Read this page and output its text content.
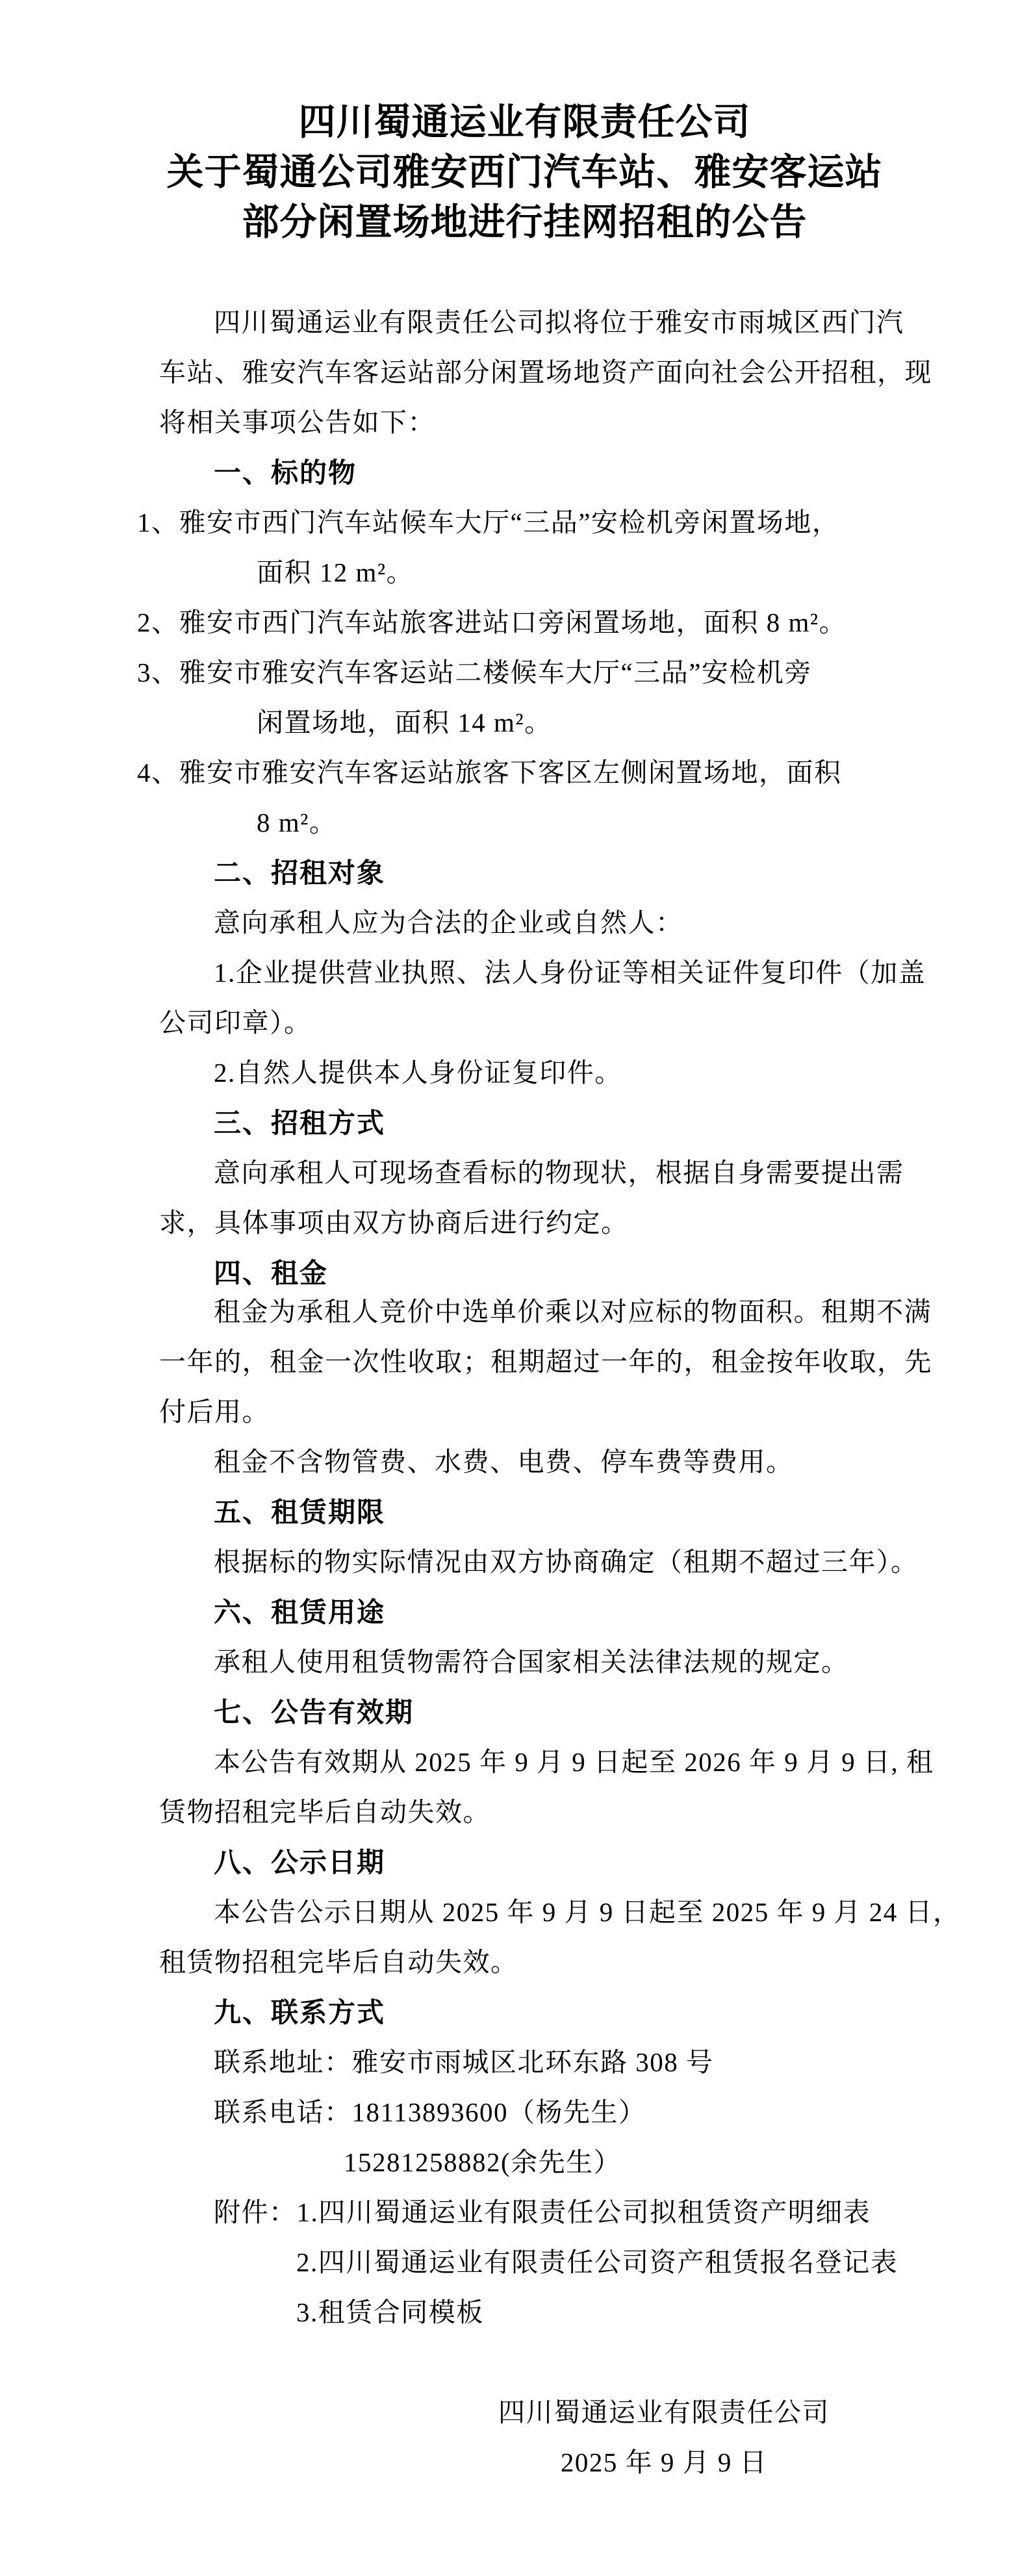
四川蜀通运业有限责任公司
关于蜀通公司雅安西门汽车站、雅安客运站
部分闲置场地进行挂网招租的公告
四川蜀通运业有限责任公司拟将位于雅安市雨城区西门汽
车站、雅安汽车客运站部分闲置场地资产面向社会公开招租，现
将相关事项公告如下：
一、标的物
1、雅安市西门汽车站候车大厅“三品”安检机旁闲置场地，
面积 12 m²。
2、雅安市西门汽车站旅客进站口旁闲置场地，面积 8 m²。
3、雅安市雅安汽车客运站二楼候车大厅“三品”安检机旁
闲置场地，面积 14 m²。
4、雅安市雅安汽车客运站旅客下客区左侧闲置场地，面积
8 m²。
二、招租对象
意向承租人应为合法的企业或自然人：
1.企业提供营业执照、法人身份证等相关证件复印件（加盖
公司印章）。
2.自然人提供本人身份证复印件。
三、招租方式
意向承租人可现场查看标的物现状，根据自身需要提出需
求，具体事项由双方协商后进行约定。
四、租金
租金为承租人竞价中选单价乘以对应标的物面积。租期不满
一年的，租金一次性收取；租期超过一年的，租金按年收取，先
付后用。
租金不含物管费、水费、电费、停车费等费用。
五、租赁期限
根据标的物实际情况由双方协商确定（租期不超过三年）。
六、租赁用途
承租人使用租赁物需符合国家相关法律法规的规定。
七、公告有效期
本公告有效期从 2025 年 9 月 9 日起至 2026 年 9 月 9 日, 租
赁物招租完毕后自动失效。
八、公示日期
本公告公示日期从 2025 年 9 月 9 日起至 2025 年 9 月 24 日，
租赁物招租完毕后自动失效。
九、联系方式
联系地址：雅安市雨城区北环东路 308 号
联系电话：18113893600（杨先生）
15281258882(余先生）
附件：1.四川蜀通运业有限责任公司拟租赁资产明细表
2.四川蜀通运业有限责任公司资产租赁报名登记表
3.租赁合同模板
四川蜀通运业有限责任公司
2025 年 9 月 9 日
